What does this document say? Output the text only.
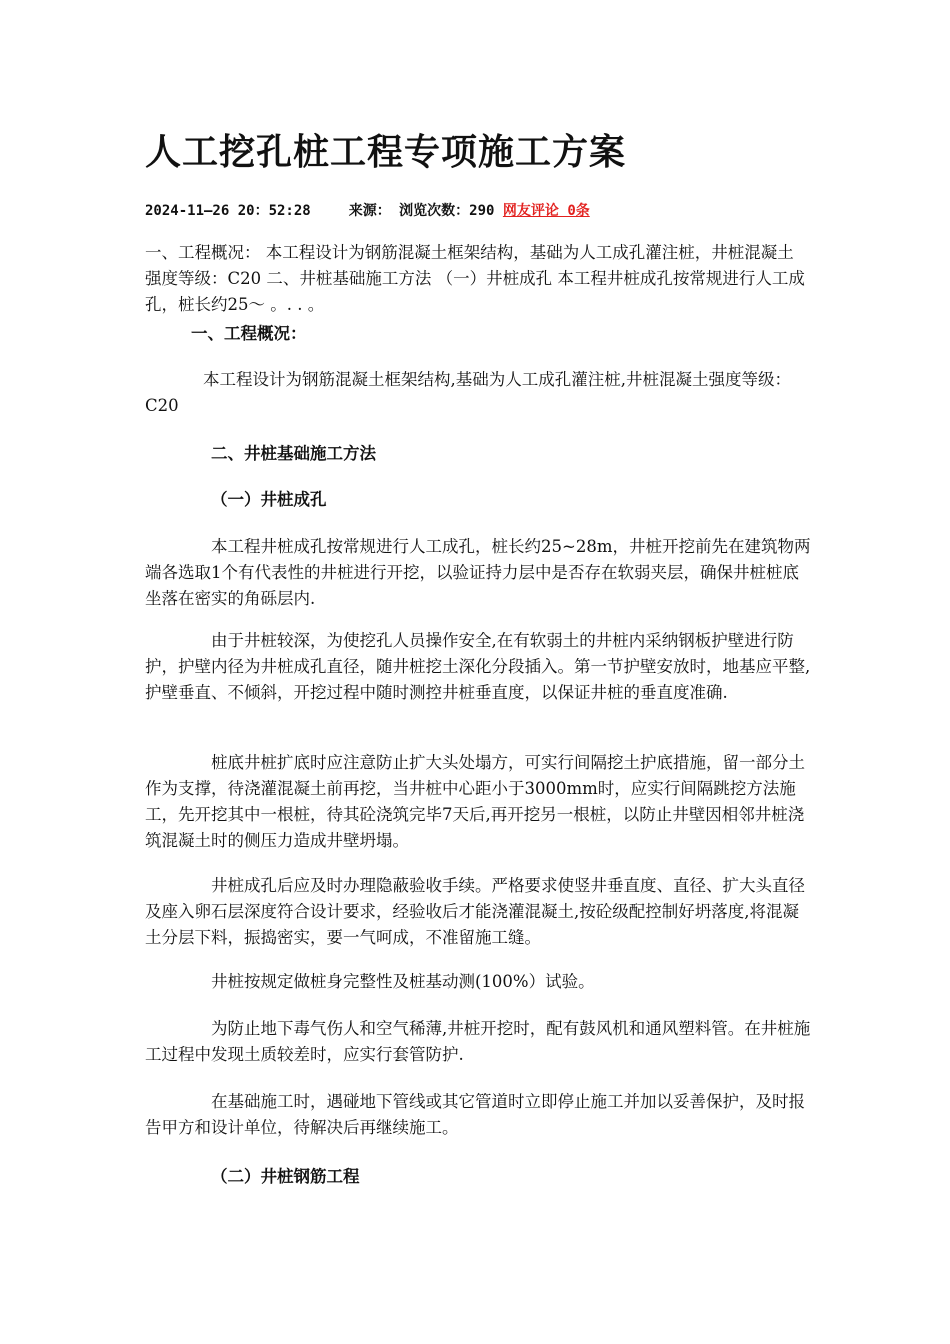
人工挖孔桩工程专项施工方案
2024-11—26 20：52:28	来源： 浏览次数：290 网友评论 0条

一、工程概况： 本工程设计为钢筋混凝土框架结构，基础为人工成孔灌注桩，井桩混凝土强度等级：C20 二、井桩基础施工方法 （一）井桩成孔 本工程井桩成孔按常规进行人工成孔，桩长约25～ 。. . 。

一、工程概况：

本工程设计为钢筋混凝土框架结构,基础为人工成孔灌注桩,井桩混凝土强度等级：C20

二、井桩基础施工方法
（一）井桩成孔

本工程井桩成孔按常规进行人工成孔，桩长约25~28m，井桩开挖前先在建筑物两端各选取1个有代表性的井桩进行开挖，以验证持力层中是否存在软弱夹层，确保井桩桩底坐落在密实的角砾层内.

由于井桩较深，为使挖孔人员操作安全,在有软弱土的井桩内采纳钢板护壁进行防护，护壁内径为井桩成孔直径，随井桩挖土深化分段插入。第一节护壁安放时，地基应平整,护壁垂直、不倾斜，开挖过程中随时测控井桩垂直度，以保证井桩的垂直度准确.

桩底井桩扩底时应注意防止扩大头处塌方，可实行间隔挖土护底措施，留一部分土作为支撑，待浇灌混凝土前再挖，当井桩中心距小于3000mm时，应实行间隔跳挖方法施工，先开挖其中一根桩，待其砼浇筑完毕7天后,再开挖另一根桩，以防止井壁因相邻井桩浇筑混凝土时的侧压力造成井壁坍塌。

井桩成孔后应及时办理隐蔽验收手续。严格要求使竖井垂直度、直径、扩大头直径及座入卵石层深度符合设计要求，经验收后才能浇灌混凝土,按砼级配控制好坍落度,将混凝土分层下料，振捣密实，要一气呵成，不准留施工缝。

井桩按规定做桩身完整性及桩基动测(100%）试验。

为防止地下毒气伤人和空气稀薄,井桩开挖时，配有鼓风机和通风塑料管。在井桩施工过程中发现土质较差时，应实行套管防护.

在基础施工时，遇碰地下管线或其它管道时立即停止施工并加以妥善保护，及时报告甲方和设计单位，待解决后再继续施工。

（二）井桩钢筋工程
